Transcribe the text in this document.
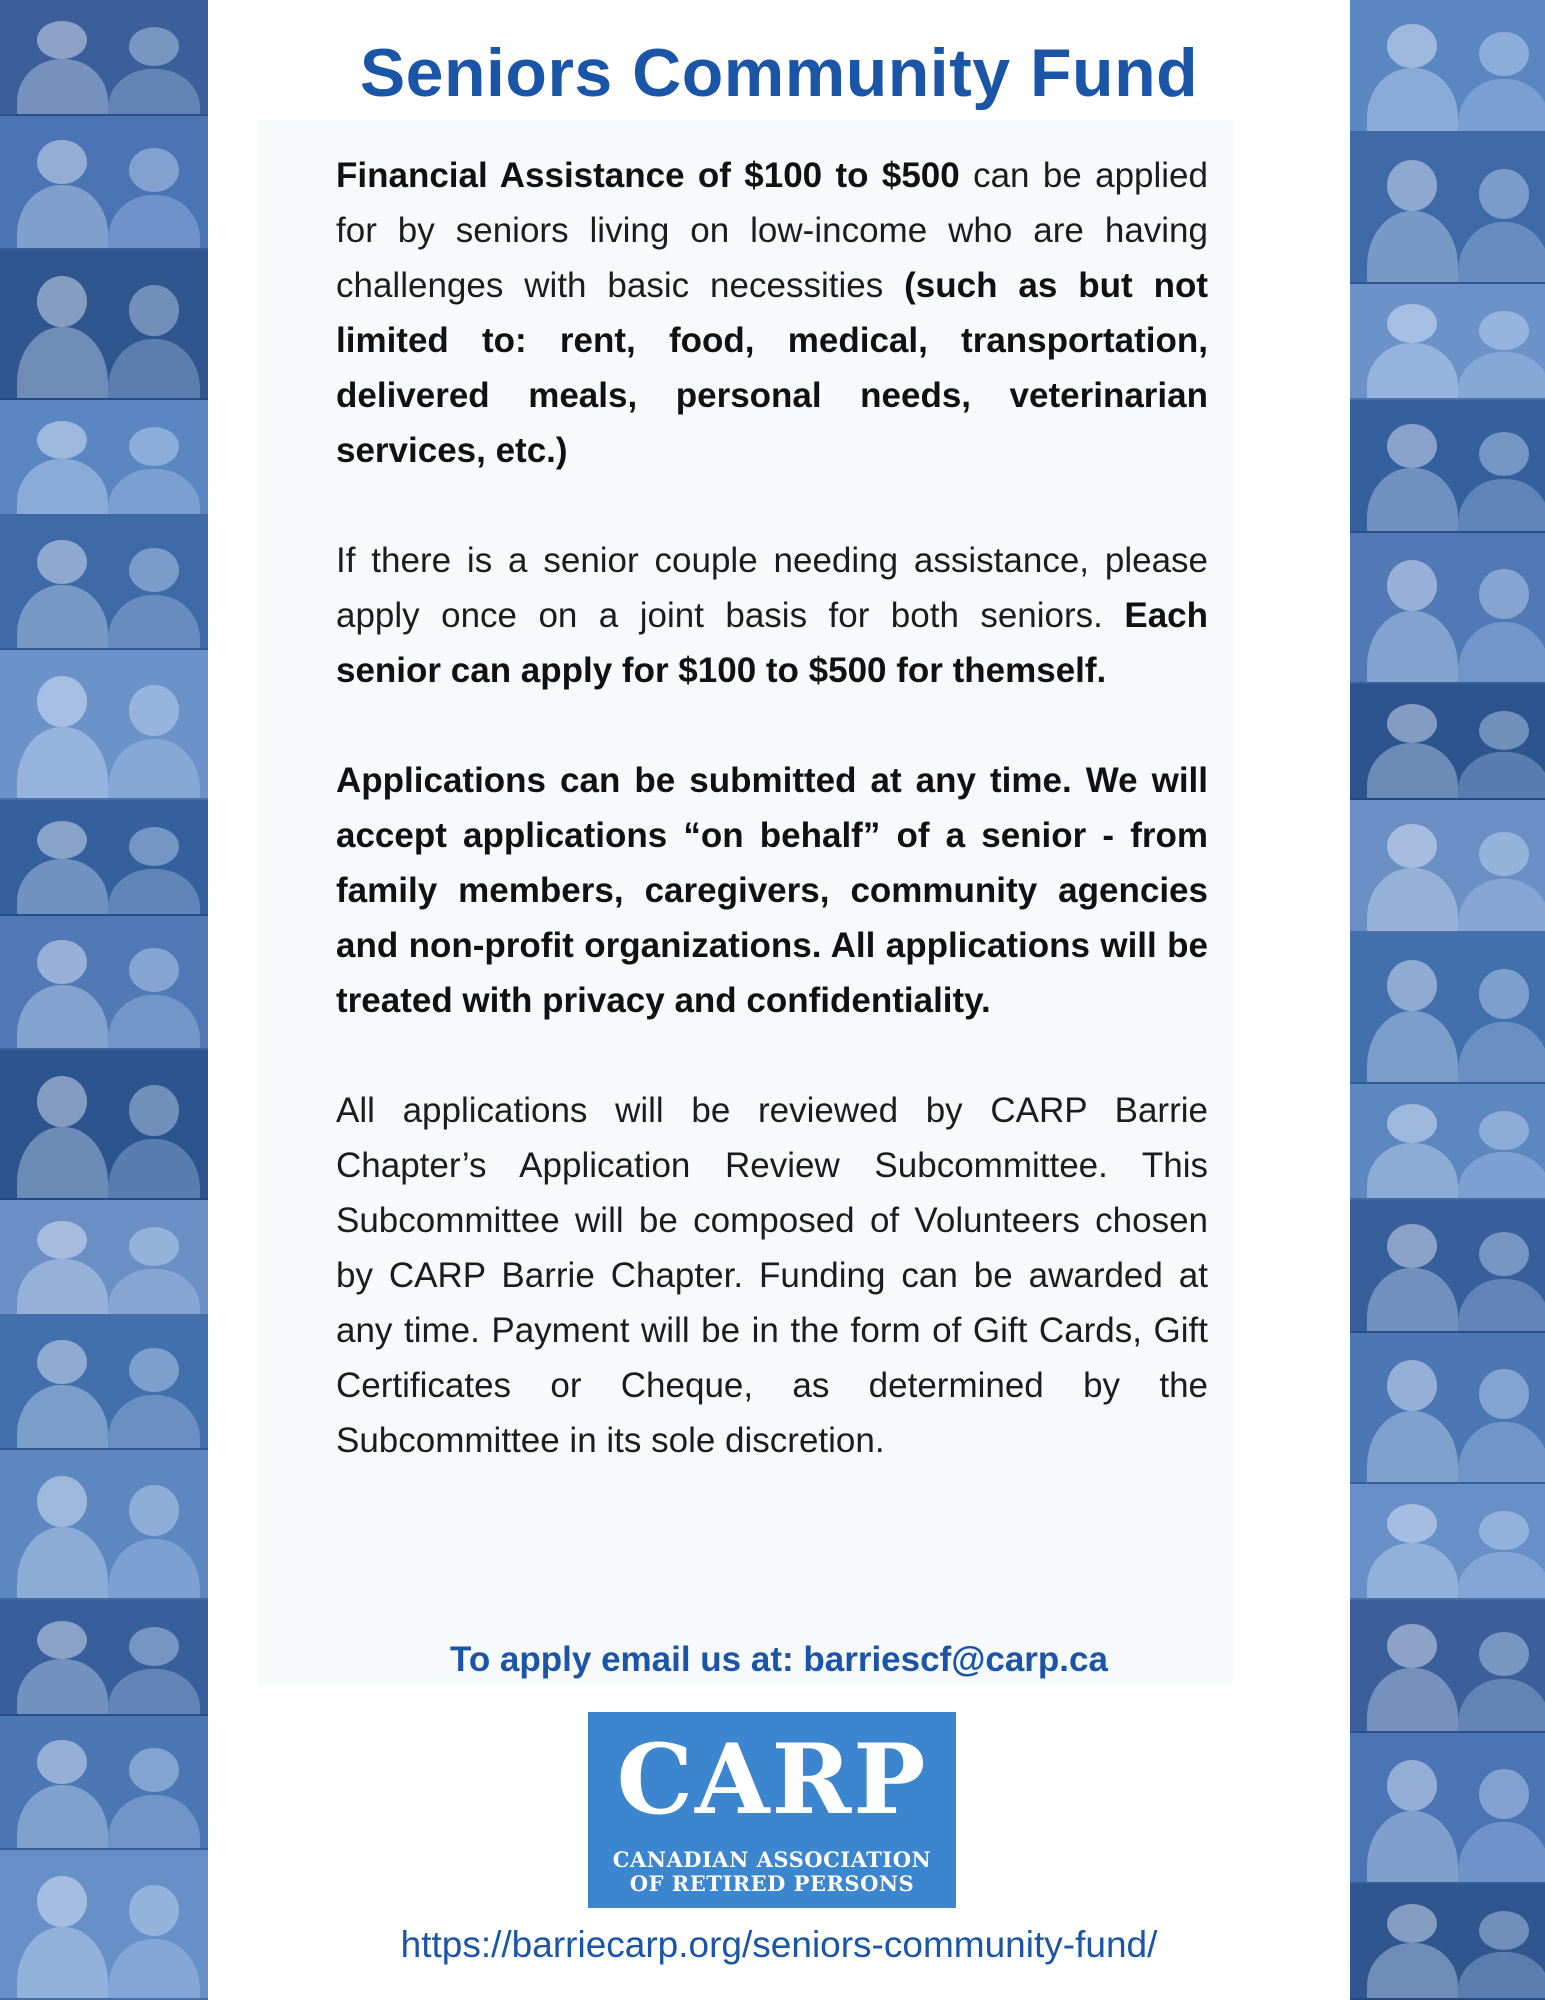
Seniors Community Fund

Financial Assistance of $100 to $500 can be applied for by seniors living on low-income who are having challenges with basic necessities (such as but not limited to: rent, food, medical, transportation, delivered meals, personal needs, veterinarian services, etc.)

If there is a senior couple needing assistance, please apply once on a joint basis for both seniors. Each senior can apply for $100 to $500 for themself.

Applications can be submitted at any time. We will accept applications “on behalf” of a senior - from family members, caregivers, community agencies and non-profit organizations. All applications will be treated with privacy and confidentiality.

All applications will be reviewed by CARP Barrie Chapter’s Application Review Subcommittee. This Subcommittee will be composed of Volunteers chosen by CARP Barrie Chapter. Funding can be awarded at any time. Payment will be in the form of Gift Cards, Gift Certificates or Cheque, as determined by the Subcommittee in its sole discretion.

To apply email us at: barriescf@carp.ca

CARP
CANADIAN ASSOCIATION
OF RETIRED PERSONS

https://barriecarp.org/seniors-community-fund/
